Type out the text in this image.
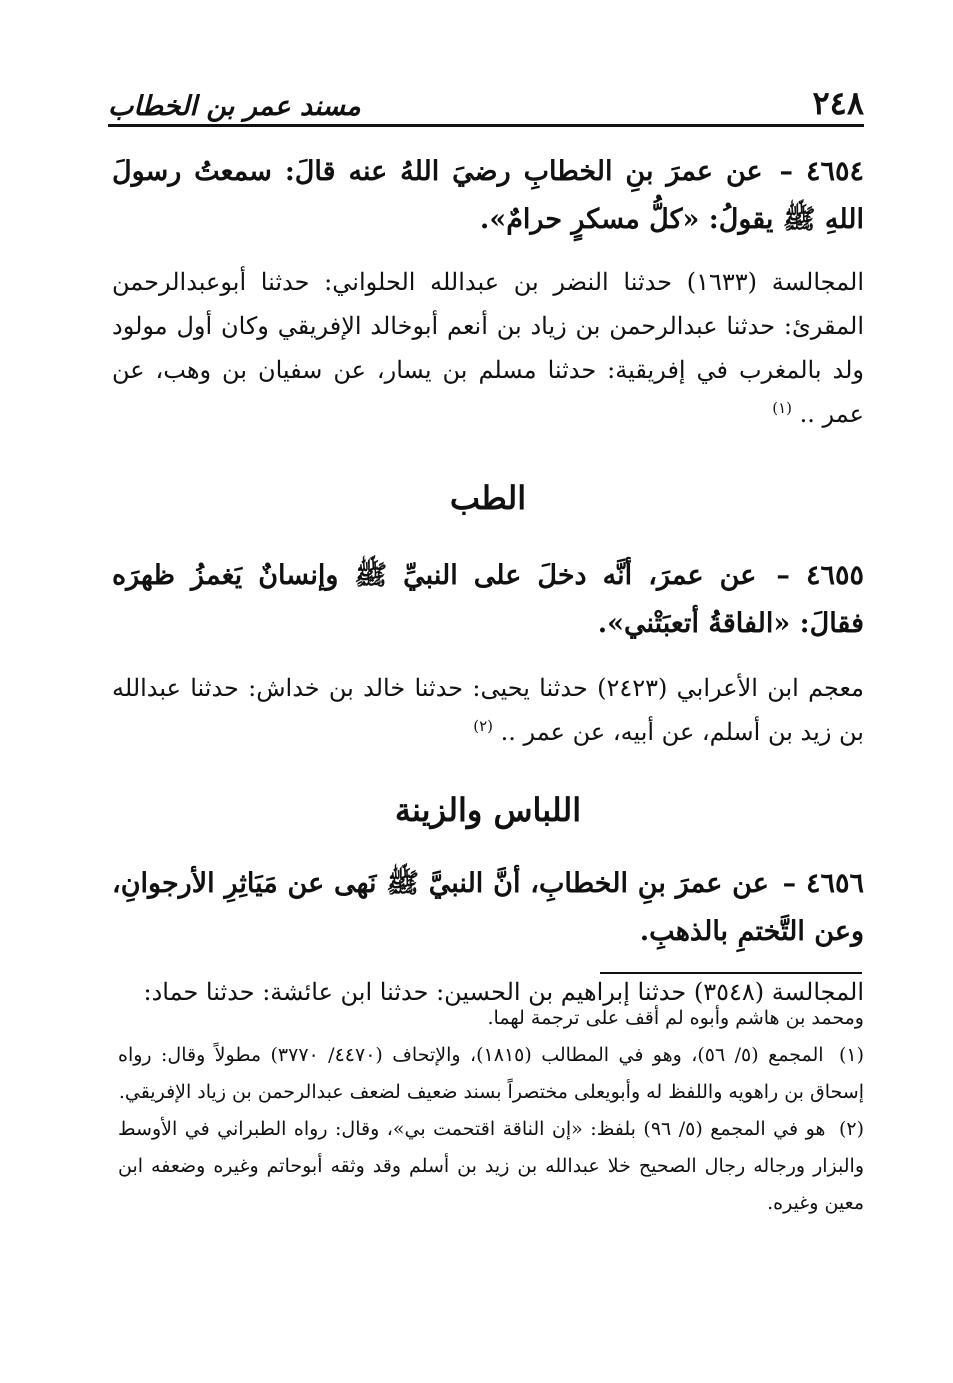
٢٤٨
مسند عمر بن الخطاب

٤٦٥٤ – عن عمرَ بنِ الخطابِ رضيَ اللهُ عنه قالَ: سمعتُ رسولَ اللهِ ﷺ يقولُ: «كلُّ مسكرٍ حرامٌ».

المجالسة (١٦٣٣) حدثنا النضر بن عبدالله الحلواني: حدثنا أبوعبدالرحمن المقرئ: حدثنا عبدالرحمن بن زياد بن أنعم أبوخالد الإفريقي وكان أول مولود ولد بالمغرب في إفريقية: حدثنا مسلم بن يسار، عن سفيان بن وهب، عن عمر .. $^{(١)}$

الطب

٤٦٥٥ – عن عمرَ، أنَّه دخلَ على النبيِّ ﷺ وإنسانٌ يَغمزُ ظهرَه فقالَ: «الفاقةُ أتعبَتْني».

معجم ابن الأعرابي (٢٤٢٣) حدثنا يحيى: حدثنا خالد بن خداش: حدثنا عبدالله بن زيد بن أسلم، عن أبيه، عن عمر .. $^{(٢)}$

اللباس والزينة

٤٦٥٦ – عن عمرَ بنِ الخطابِ، أنَّ النبيَّ ﷺ نَهى عن مَيَاثِرِ الأرجوانِ، وعن التَّختمِ بالذهبِ.

المجالسة (٣٥٤٨) حدثنا إبراهيم بن الحسين: حدثنا ابن عائشة: حدثنا حماد:

ومحمد بن هاشم وأبوه لم أقف على ترجمة لهما.

(١) المجمع (٥/ ٥٦)، وهو في المطالب (١٨١٥)، والإتحاف (٤٤٧٠/ ٣٧٧٠) مطولاً وقال: رواه إسحاق بن راهويه واللفظ له وأبويعلى مختصراً بسند ضعيف لضعف عبدالرحمن بن زياد الإفريقي.

(٢) هو في المجمع (٥/ ٩٦) بلفظ: «إن الناقة اقتحمت بي»، وقال: رواه الطبراني في الأوسط والبزار ورجاله رجال الصحيح خلا عبدالله بن زيد بن أسلم وقد وثقه أبوحاتم وغيره وضعفه ابن معين وغيره.
